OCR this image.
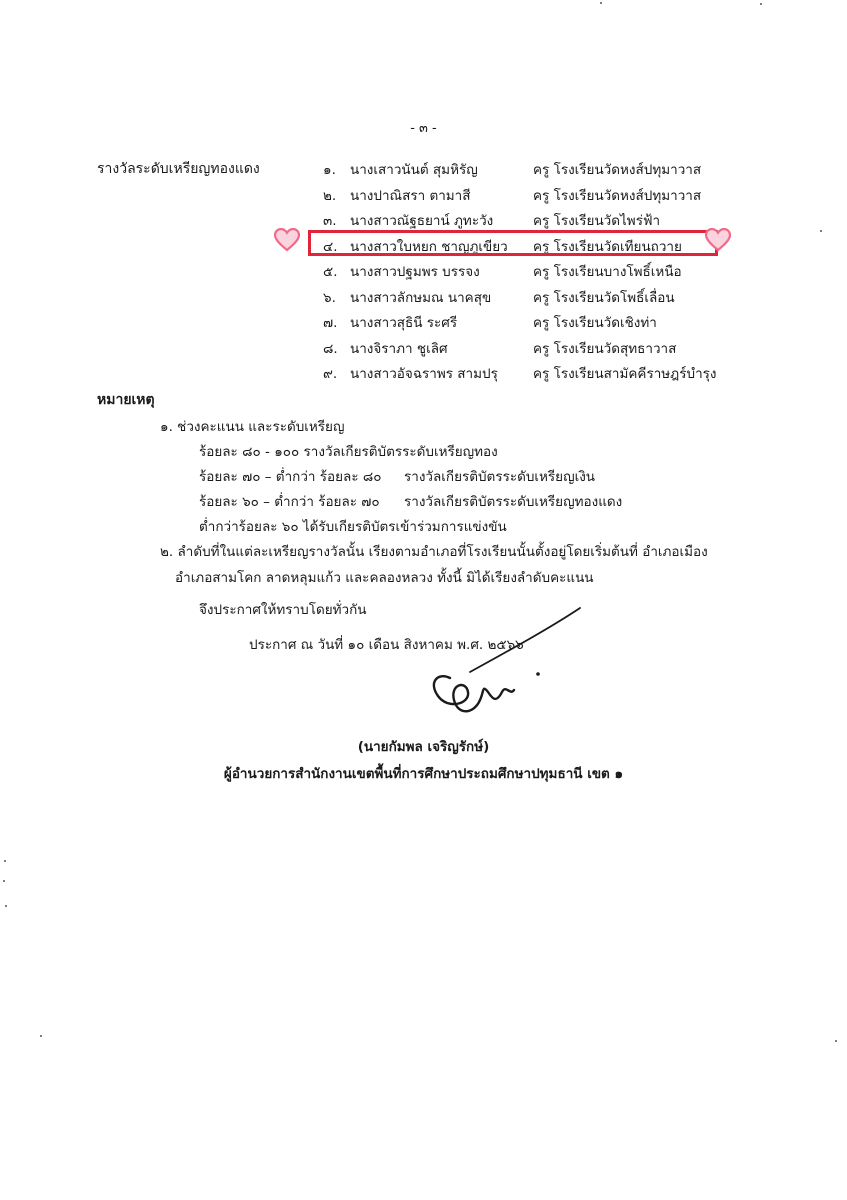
- ๓ -
รางวัลระดับเหรียญทองแดง	๑. นางเสาวนันต์ สุมหิรัญ	ครู โรงเรียนวัดหงส์ปทุมาวาส
๒. นางปาณิสรา ตามาสี	ครู โรงเรียนวัดหงส์ปทุมาวาส
๓. นางสาวณัฐธยาน์ ภูทะวัง	ครู โรงเรียนวัดไพร่ฟ้า
๔. นางสาวใบหยก ชาญภูเขียว ครู โรงเรียนวัดเทียนถวาย
๕. นางสาวปฐมพร บรรจง	ครู โรงเรียนบางโพธิ์เหนือ
๖. นางสาวลักษมณ นาคสุข	ครู โรงเรียนวัดโพธิ์เลื่อน
๗. นางสาวสุธินี ระศรี	ครู โรงเรียนวัดเชิงท่า
๘. นางจิราภา ชูเลิศ	ครู โรงเรียนวัดสุทธาวาส
๙. นางสาวอัจฉราพร สามปรุ	ครู โรงเรียนสามัคคีราษฎร์บำรุง
หมายเหตุ
๑. ช่วงคะแนน และระดับเหรียญ
ร้อยละ ๘๐ - ๑๐๐ รางวัลเกียรติบัตรระดับเหรียญทอง
ร้อยละ ๗๐ – ต่ำกว่า ร้อยละ ๘๐ รางวัลเกียรติบัตรระดับเหรียญเงิน
ร้อยละ ๖๐ – ต่ำกว่า ร้อยละ ๗๐ รางวัลเกียรติบัตรระดับเหรียญทองแดง
ต่ำกว่าร้อยละ ๖๐ ได้รับเกียรติบัตรเข้าร่วมการแข่งขัน
๒. ลำดับที่ในแต่ละเหรียญรางวัลนั้น เรียงตามอำเภอที่โรงเรียนนั้นตั้งอยู่โดยเริ่มต้นที่ อำเภอเมือง
อำเภอสามโคก ลาดหลุมแก้ว และคลองหลวง ทั้งนี้ มิได้เรียงลำดับคะแนน
จึงประกาศให้ทราบโดยทั่วกัน
ประกาศ ณ วันที่ ๑๐ เดือน สิงหาคม พ.ศ. ๒๕๖๖
(นายกัมพล เจริญรักษ์)
ผู้อำนวยการสำนักงานเขตพื้นที่การศึกษาประถมศึกษาปทุมธานี เขต ๑
